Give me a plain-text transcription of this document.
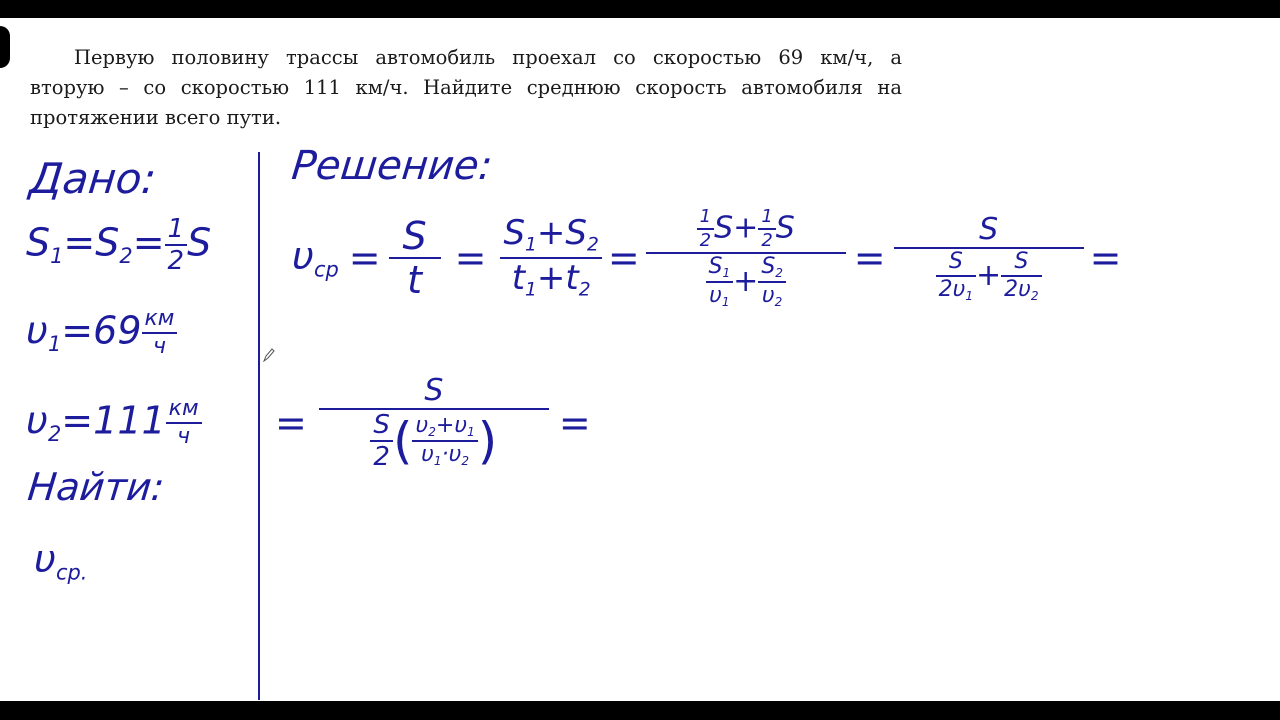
Первую половину трассы автомобиль проехал со скоростью 69 км/ч, а
вторую – со скоростью 111 км/ч. Найдите среднюю скорость автомобиля на
протяжении всего пути.
Дано:
$S_1=S_2= \frac{1}{2}$ S
$\upsilon_1=69 \frac{км}{ч}$
$\upsilon_2=111 \frac{км}{ч}$
Найти:
$\upsilon_{ср.}$
Решение:
$\upsilon_{ср} = \frac{S}{t} = \frac{S_1+S_2}{t_1+t_2} = \frac{\frac{1}{2} S+ \frac{1}{2} S}{\frac{S_1}{\upsilon_1} + \frac{S_2}{\upsilon_2}} = \frac{S}{\frac{S}{2\upsilon_1} + \frac{S}{2\upsilon_2}}$ =
=
S
$\frac{S}{2}$ ( $\frac{\upsilon_2+\upsilon_1}{\upsilon_1\cdot\upsilon_2}$ ) =
